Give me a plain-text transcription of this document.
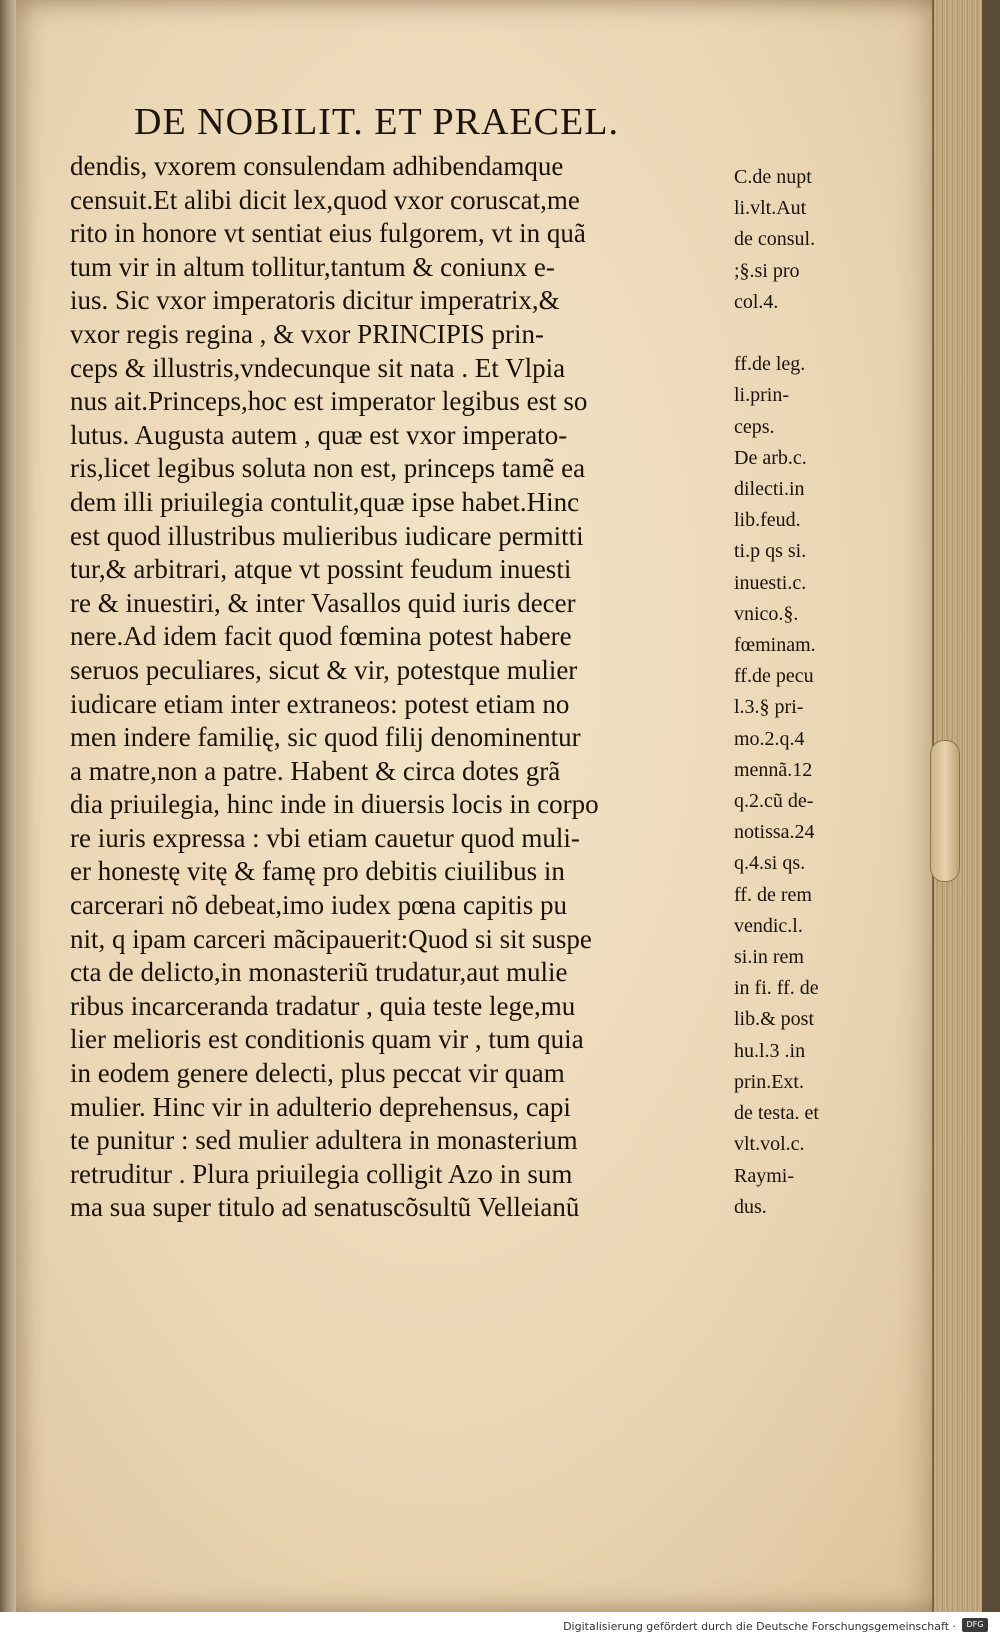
DE NOBILIT. ET PRAECEL.
dendis, vxorem consulendam adhibendamque
censuit.Et alibi dicit lex,quod vxor coruscat,me
rito in honore vt sentiat eius fulgorem, vt in quã
tum vir in altum tollitur,tantum & coniunx e-
ius. Sic vxor imperatoris dicitur imperatrix,&
vxor regis regina , & vxor PRINCIPIS prin-
ceps & illustris,vndecunque sit nata . Et Vlpia
nus ait.Princeps,hoc est imperator legibus est so
lutus. Augusta autem , quæ est vxor imperato-
ris,licet legibus soluta non est, princeps tamẽ ea
dem illi priuilegia contulit,quæ ipse habet.Hinc
est quod illustribus mulieribus iudicare permitti
tur,& arbitrari, atque vt possint feudum inuesti
re & inuestiri, & inter Vasallos quid iuris decer
nere.Ad idem facit quod fœmina potest habere
seruos peculiares, sicut & vir, potestque mulier
iudicare etiam inter extraneos: potest etiam no
men indere familię, sic quod filij denominentur
a matre,non a patre. Habent & circa dotes grã
dia priuilegia, hinc inde in diuersis locis in corpo
re iuris expressa : vbi etiam cauetur quod muli-
er honestę vitę & famę pro debitis ciuilibus in
carcerari nõ debeat,imo iudex pœna capitis pu
nit, q ipam carceri mãcipauerit:Quod si sit suspe
cta de delicto,in monasteriũ trudatur,aut mulie
ribus incarceranda tradatur , quia teste lege,mu
lier melioris est conditionis quam vir , tum quia
in eodem genere delecti, plus peccat vir quam
mulier. Hinc vir in adulterio deprehensus, capi
te punitur : sed mulier adultera in monasterium
retruditur . Plura priuilegia colligit Azo in sum
ma sua super titulo ad senatuscõsultũ Velleianũ
C.de nupt
li.vlt.Aut
de consul.
;§.si pro
col.4.

ff.de leg.
li.prin-
ceps.
De arb.c.
dilecti.in
lib.feud.
ti.p qs si.
inuesti.c.
vnico.§.
fœminam.
ff.de pecu
l.3.§ pri-
mo.2.q.4
mennã.12
q.2.cũ de-
notissa.24
q.4.si qs.
ff. de rem
vendic.l.
si.in rem
in fi. ff. de
lib.& post
hu.l.3 .in
prin.Ext.
de testa. et
vlt.vol.c.
Raymi-
dus.
Digitalisierung gefördert durch die Deutsche Forschungsgemeinschaft ·	DFG
